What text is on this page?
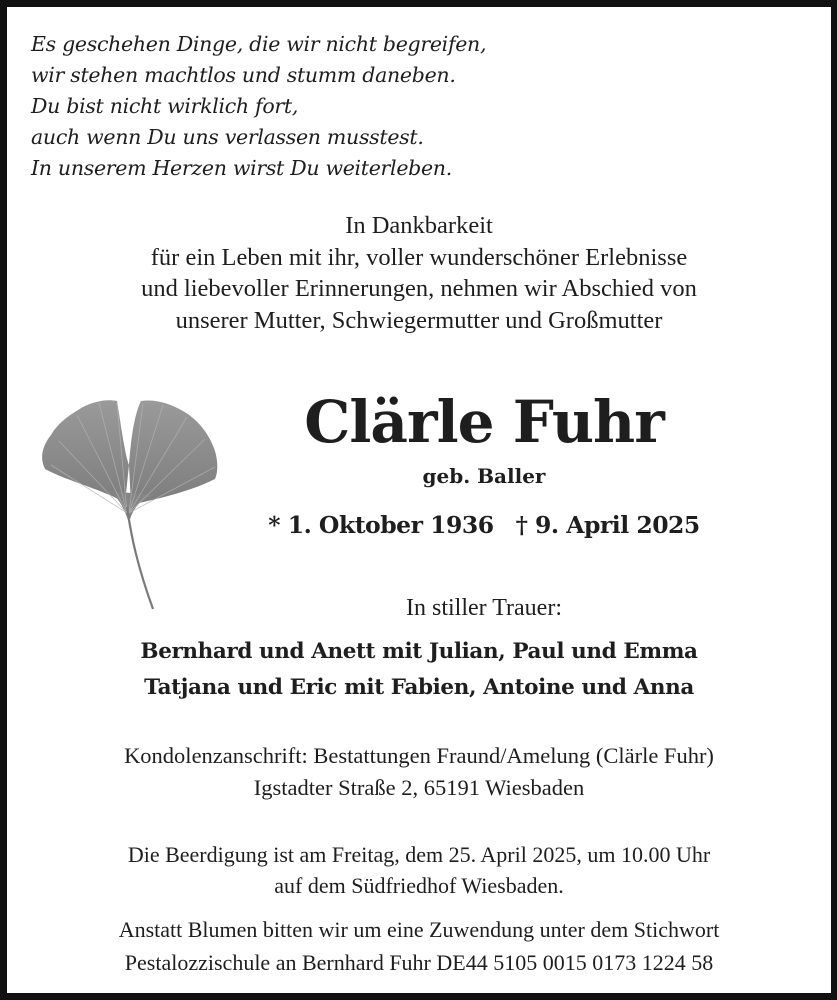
Es geschehen Dinge, die wir nicht begreifen,
wir stehen machtlos und stumm daneben.
Du bist nicht wirklich fort,
auch wenn Du uns verlassen musstest.
In unserem Herzen wirst Du weiterleben.
In Dankbarkeit
für ein Leben mit ihr, voller wunderschöner Erlebnisse
und liebevoller Erinnerungen, nehmen wir Abschied von
unserer Mutter, Schwiegermutter und Großmutter
Clärle Fuhr
geb. Baller
* 1. Oktober 1936 † 9. April 2025
In stiller Trauer:
Bernhard und Anett mit Julian, Paul und Emma
Tatjana und Eric mit Fabien, Antoine und Anna
Kondolenzanschrift: Bestattungen Fraund/Amelung (Clärle Fuhr)
Igstadter Straße 2, 65191 Wiesbaden
Die Beerdigung ist am Freitag, dem 25. April 2025, um 10.00 Uhr
auf dem Südfriedhof Wiesbaden.
Anstatt Blumen bitten wir um eine Zuwendung unter dem Stichwort
Pestalozzischule an Bernhard Fuhr DE44 5105 0015 0173 1224 58
